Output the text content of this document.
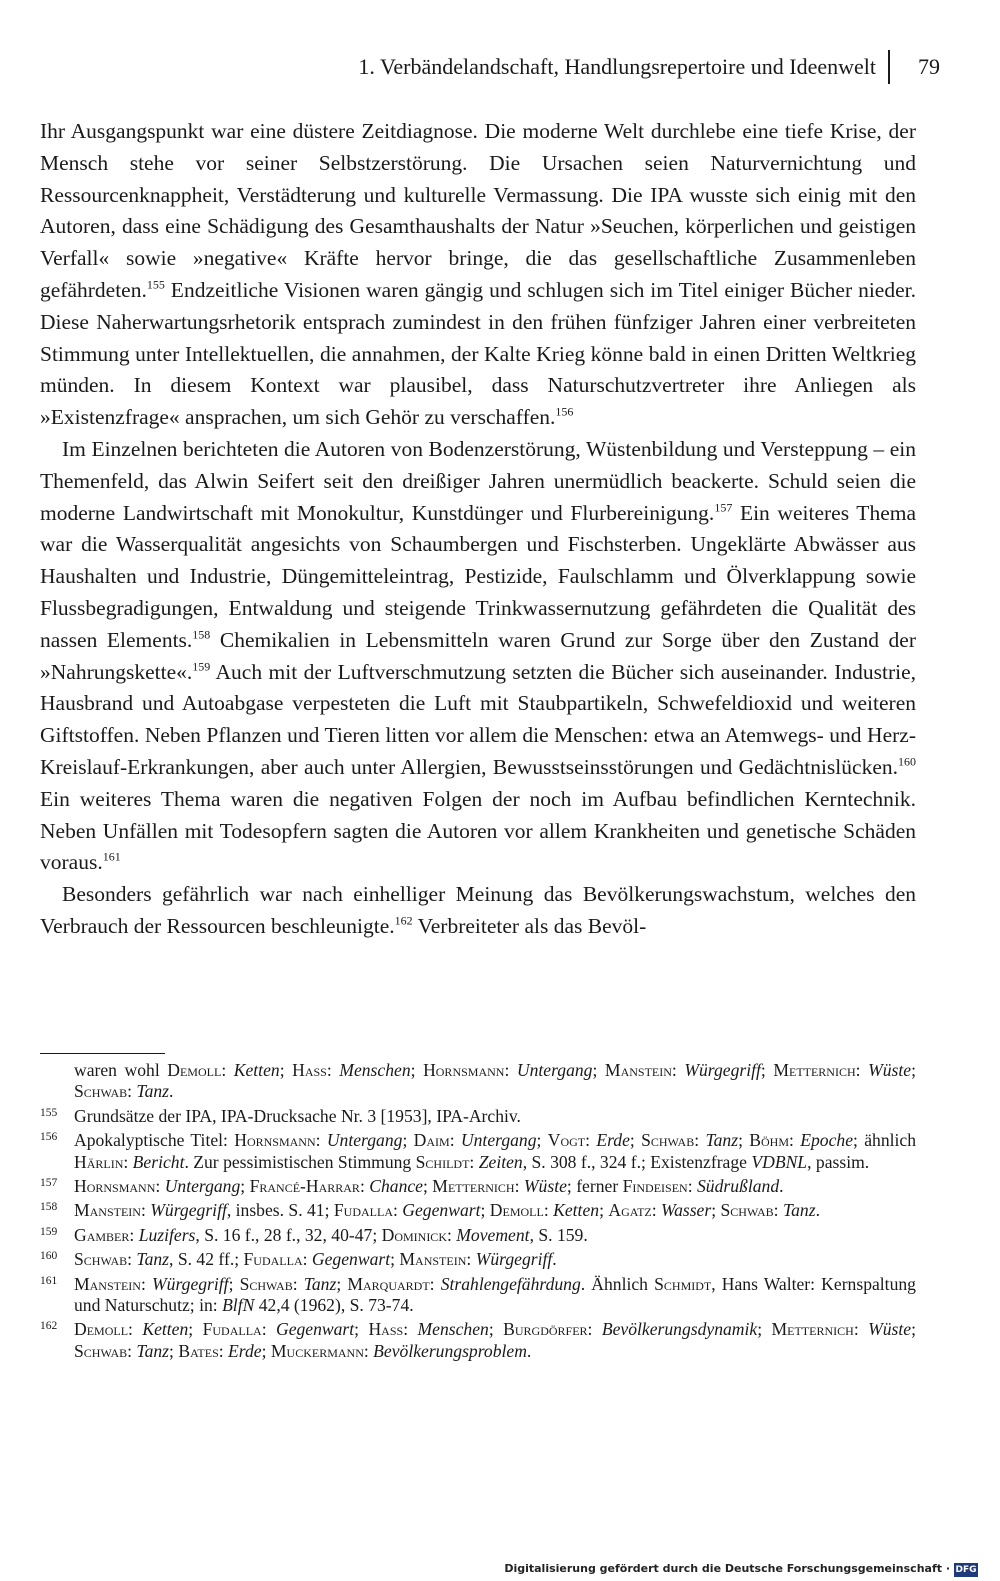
1. Verbändelandschaft, Handlungsrepertoire und Ideenwelt 79

Ihr Ausgangspunkt war eine düstere Zeitdiagnose. Die moderne Welt durchlebe eine tiefe Krise, der Mensch stehe vor seiner Selbstzerstörung. Die Ursachen seien Naturvernichtung und Ressourcenknappheit, Verstädterung und kulturelle Vermassung. Die IPA wusste sich einig mit den Autoren, dass eine Schädigung des Gesamthaushalts der Natur »Seuchen, körperlichen und geistigen Verfall« sowie »negative« Kräfte hervor bringe, die das gesellschaftliche Zusammenleben gefährdeten.$^{155}$ Endzeitliche Visionen waren gängig und schlugen sich im Titel einiger Bücher nieder. Diese Naherwartungsrhetorik entsprach zumindest in den frühen fünfziger Jahren einer verbreiteten Stimmung unter Intellektuellen, die annahmen, der Kalte Krieg könne bald in einen Dritten Weltkrieg münden. In diesem Kontext war plausibel, dass Naturschutzvertreter ihre Anliegen als »Existenzfrage« ansprachen, um sich Gehör zu verschaffen.$^{156}$

Im Einzelnen berichteten die Autoren von Bodenzerstörung, Wüstenbildung und Versteppung – ein Themenfeld, das Alwin Seifert seit den dreißiger Jahren unermüdlich beackerte. Schuld seien die moderne Landwirtschaft mit Monokultur, Kunstdünger und Flurbereinigung.$^{157}$ Ein weiteres Thema war die Wasserqualität angesichts von Schaumbergen und Fischsterben. Ungeklärte Abwässer aus Haushalten und Industrie, Düngemitteleintrag, Pestizide, Faulschlamm und Ölverklappung sowie Flussbegradigungen, Entwaldung und steigende Trinkwassernutzung gefährdeten die Qualität des nassen Elements.$^{158}$ Chemikalien in Lebensmitteln waren Grund zur Sorge über den Zustand der »Nahrungskette«.$^{159}$ Auch mit der Luftverschmutzung setzten die Bücher sich auseinander. Industrie, Hausbrand und Autoabgase verpesteten die Luft mit Staubpartikeln, Schwefeldioxid und weiteren Giftstoffen. Neben Pflanzen und Tieren litten vor allem die Menschen: etwa an Atemwegs- und Herz-Kreislauf-Erkrankungen, aber auch unter Allergien, Bewusstseinsstörungen und Gedächtnislücken.$^{160}$ Ein weiteres Thema waren die negativen Folgen der noch im Aufbau befindlichen Kerntechnik. Neben Unfällen mit Todesopfern sagten die Autoren vor allem Krankheiten und genetische Schäden voraus.$^{161}$

Besonders gefährlich war nach einhelliger Meinung das Bevölkerungswachstum, welches den Verbrauch der Ressourcen beschleunigte.$^{162}$ Verbreiteter als das Bevöl-

waren wohl Demoll: Ketten; Hass: Menschen; Hornsmann: Untergang; Manstein: Würgegriff; Metternich: Wüste; Schwab: Tanz.
155 Grundsätze der IPA, IPA-Drucksache Nr. 3 [1953], IPA-Archiv.
156 Apokalyptische Titel: Hornsmann: Untergang; Daim: Untergang; Vogt: Erde; Schwab: Tanz; Böhm: Epoche; ähnlich Härlin: Bericht. Zur pessimistischen Stimmung Schildt: Zeiten, S. 308 f., 324 f.; Existenzfrage VDBNL, passim.
157 Hornsmann: Untergang; Francé-Harrar: Chance; Metternich: Wüste; ferner Findeisen: Südrußland.
158 Manstein: Würgegriff, insbes. S. 41; Fudalla: Gegenwart; Demoll: Ketten; Agatz: Wasser; Schwab: Tanz.
159 Gamber: Luzifers, S. 16 f., 28 f., 32, 40-47; Dominick: Movement, S. 159.
160 Schwab: Tanz, S. 42 ff.; Fudalla: Gegenwart; Manstein: Würgegriff.
161 Manstein: Würgegriff; Schwab: Tanz; Marquardt: Strahlengefährdung. Ähnlich Schmidt, Hans Walter: Kernspaltung und Naturschutz; in: BlfN 42,4 (1962), S. 73-74.
162 Demoll: Ketten; Fudalla: Gegenwart; Hass: Menschen; Burgdörfer: Bevölkerungsdynamik; Metternich: Wüste; Schwab: Tanz; Bates: Erde; Muckermann: Bevölkerungsproblem.
Digitalisierung gefördert durch die Deutsche Forschungsgemeinschaft · DFG
